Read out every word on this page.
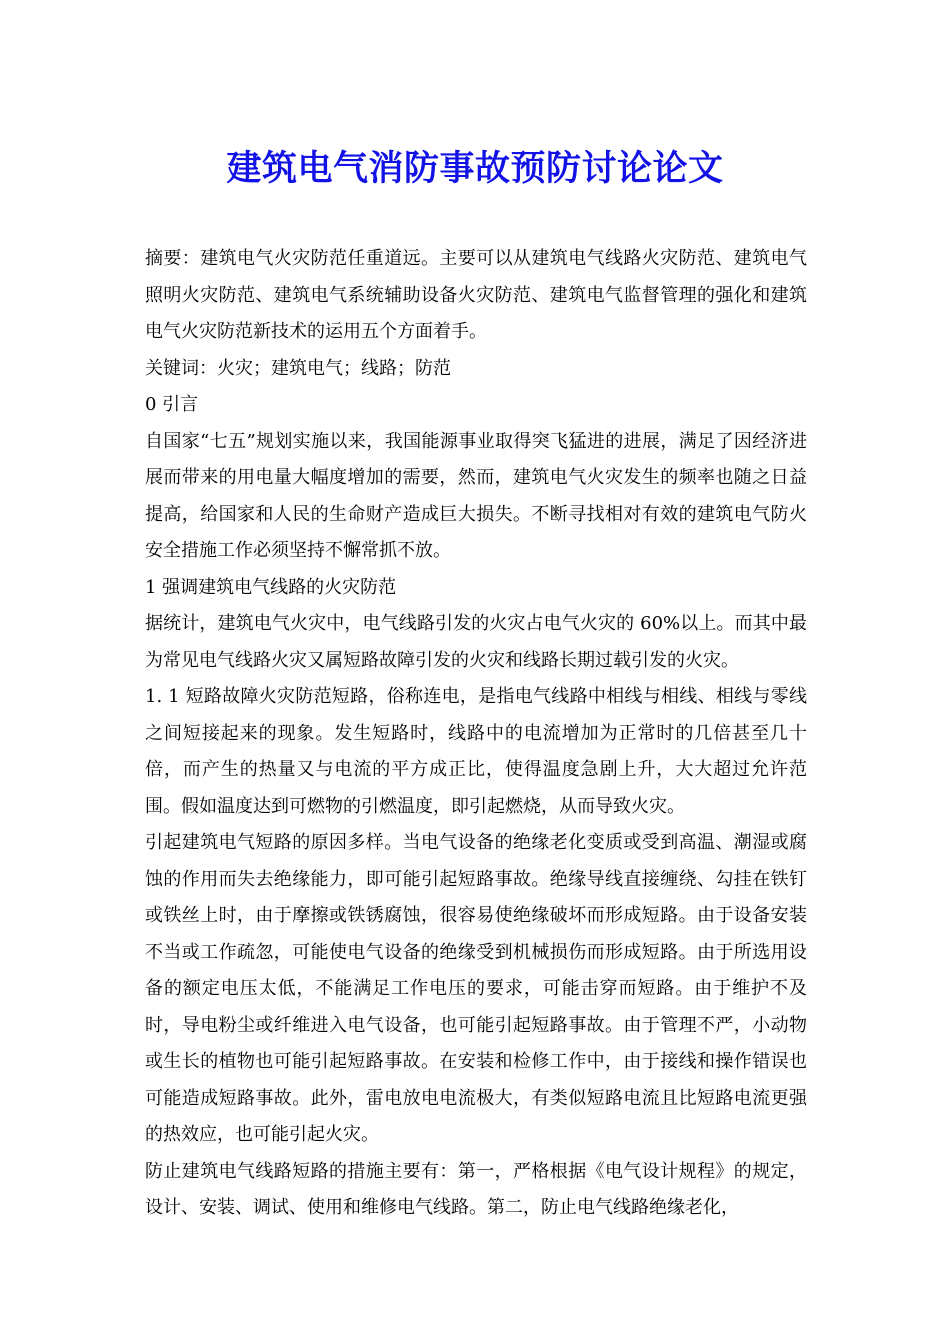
建筑电气消防事故预防讨论论文

摘要：建筑电气火灾防范任重道远。主要可以从建筑电气线路火灾防范、建筑电气照明火灾防范、建筑电气系统辅助设备火灾防范、建筑电气监督管理的强化和建筑电气火灾防范新技术的运用五个方面着手。

关键词：火灾；建筑电气；线路；防范

0 引言

自国家“七五”规划实施以来，我国能源事业取得突飞猛进的进展，满足了因经济进展而带来的用电量大幅度增加的需要，然而，建筑电气火灾发生的频率也随之日益提高，给国家和人民的生命财产造成巨大损失。不断寻找相对有效的建筑电气防火安全措施工作必须坚持不懈常抓不放。

1 强调建筑电气线路的火灾防范

据统计，建筑电气火灾中，电气线路引发的火灾占电气火灾的 60%以上。而其中最为常见电气线路火灾又属短路故障引发的火灾和线路长期过载引发的火灾。

1. 1 短路故障火灾防范短路，俗称连电，是指电气线路中相线与相线、相线与零线之间短接起来的现象。发生短路时，线路中的电流增加为正常时的几倍甚至几十倍，而产生的热量又与电流的平方成正比，使得温度急剧上升，大大超过允许范围。假如温度达到可燃物的引燃温度，即引起燃烧，从而导致火灾。

引起建筑电气短路的原因多样。当电气设备的绝缘老化变质或受到高温、潮湿或腐蚀的作用而失去绝缘能力，即可能引起短路事故。绝缘导线直接缠绕、勾挂在铁钉或铁丝上时，由于摩擦或铁锈腐蚀，很容易使绝缘破坏而形成短路。由于设备安装不当或工作疏忽，可能使电气设备的绝缘受到机械损伤而形成短路。由于所选用设备的额定电压太低，不能满足工作电压的要求，可能击穿而短路。由于维护不及时，导电粉尘或纤维进入电气设备，也可能引起短路事故。由于管理不严，小动物或生长的植物也可能引起短路事故。在安装和检修工作中，由于接线和操作错误也可能造成短路事故。此外，雷电放电电流极大，有类似短路电流且比短路电流更强的热效应，也可能引起火灾。

防止建筑电气线路短路的措施主要有：第一，严格根据《电气设计规程》的规定，设计、安装、调试、使用和维修电气线路。第二，防止电气线路绝缘老化，
